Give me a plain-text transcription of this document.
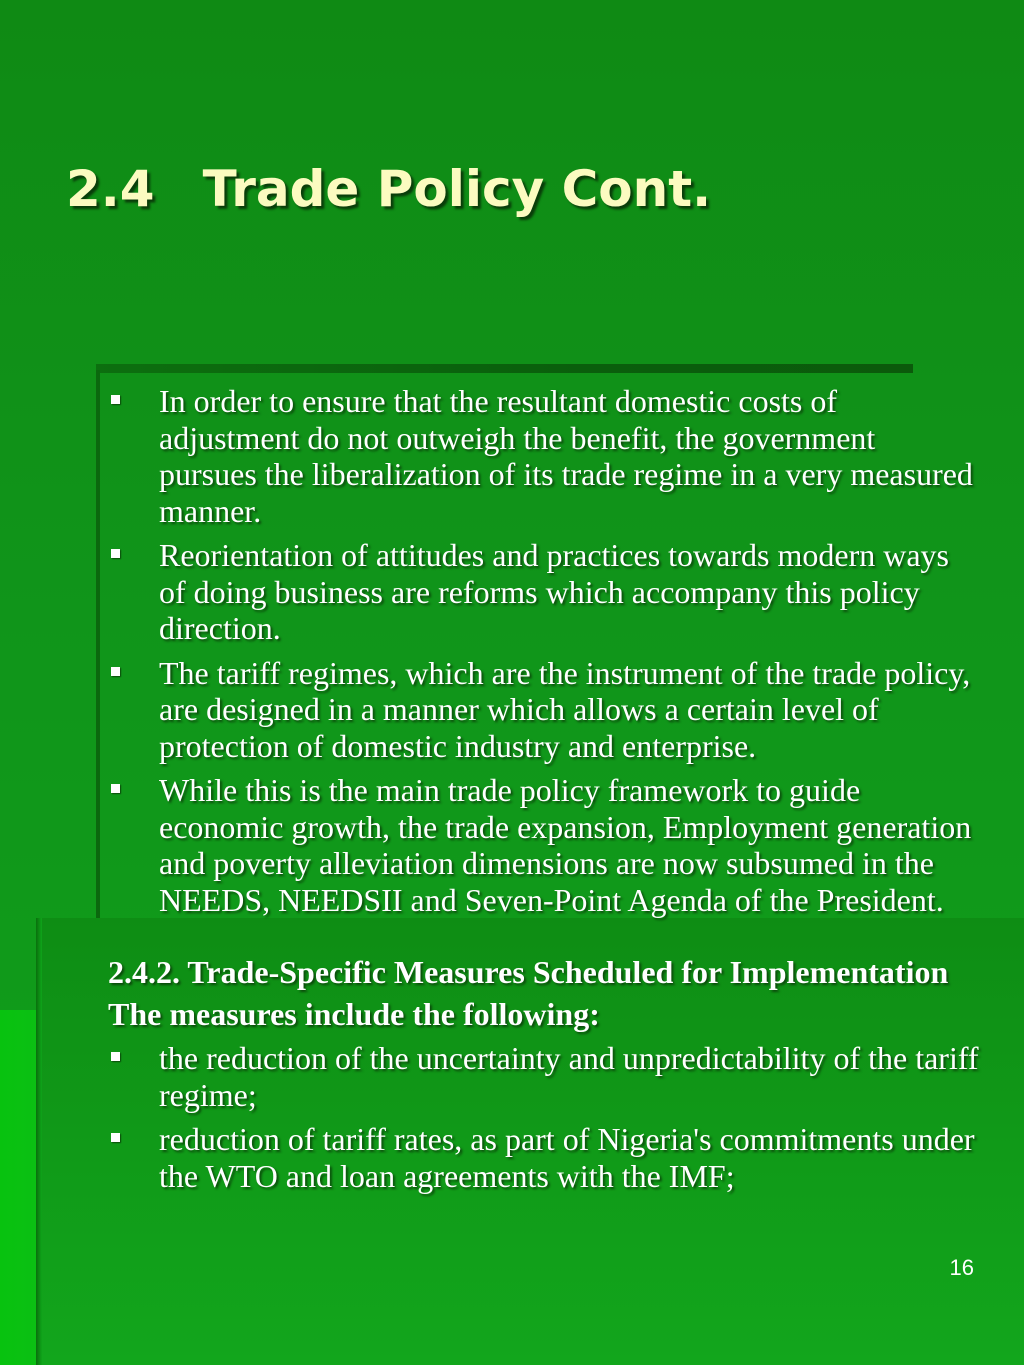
2.4 Trade Policy Cont.
In order to ensure that the resultant domestic costs of adjustment do not outweigh the benefit, the government pursues the liberalization of its trade regime in a very measured manner.
Reorientation of attitudes and practices towards modern ways of doing business are reforms which accompany this policy direction.
The tariff regimes, which are the instrument of the trade policy, are designed in a manner which allows a certain level of protection of domestic industry and enterprise.
While this is the main trade policy framework to guide economic growth, the trade expansion, Employment generation and poverty alleviation dimensions are now subsumed in the NEEDS, NEEDSII and Seven-Point Agenda of the President.

2.4.2. Trade-Specific Measures Scheduled for Implementation

The measures include the following:

the reduction of the uncertainty and unpredictability of the tariff regime;
reduction of tariff rates, as part of Nigeria's commitments under the WTO and loan agreements with the IMF;
16
